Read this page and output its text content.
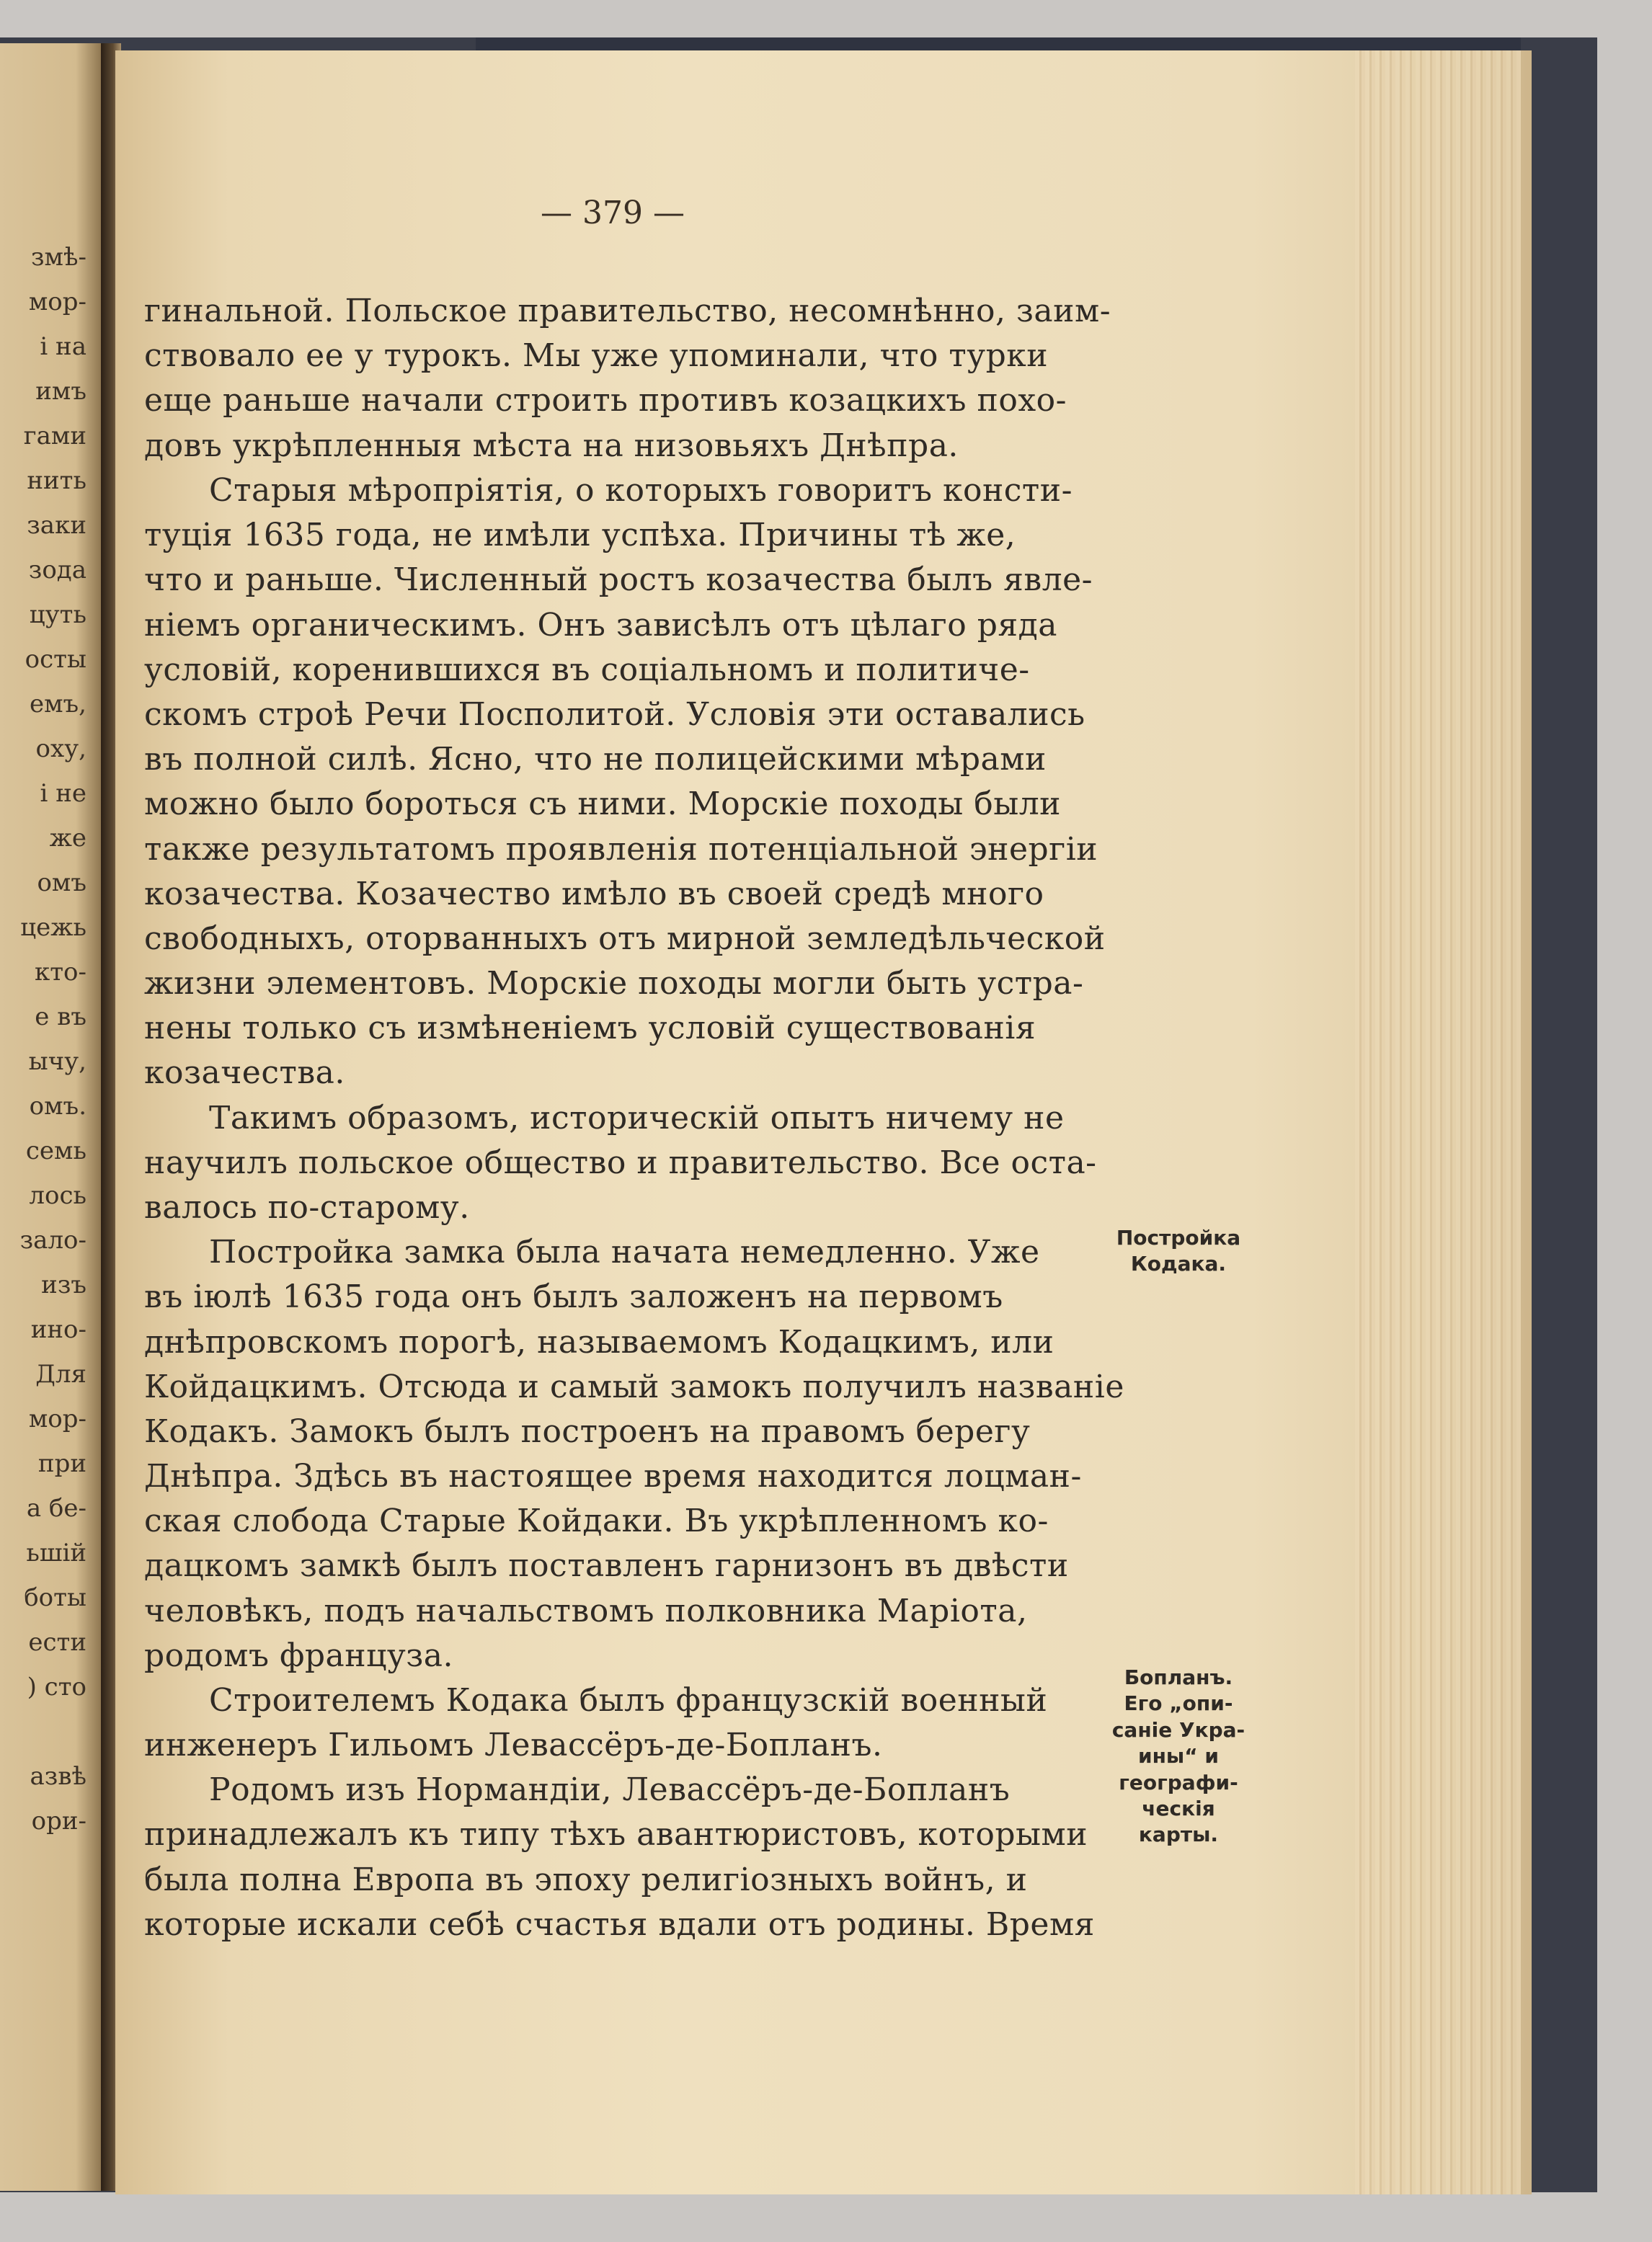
змѣ-
мор-
і на
имъ
гами
нить
заки
зода
цуть
осты
емъ,
оху,
і не
же
омъ
цежь
кто-
е въ
ычу,
омъ.
семь
лось
зало-
изъ
инo-
Для
мор-
при
а бе-
ьшій
боты
ести
) сто
азвѣ
ори-
— 379 —
гинальной. Польское правительство, несомнѣнно, заим-
ствовало ее у турокъ. Мы уже упоминали, что турки
еще раньше начали строить противъ козацкихъ похо-
довъ укрѣпленныя мѣста на низовьяхъ Днѣпра.
Старыя мѣропріятія, о которыхъ говоритъ консти-
туція 1635 года, не имѣли успѣха. Причины тѣ же,
что и раньше. Численный ростъ козачества былъ явле-
ніемъ органическимъ. Онъ зависѣлъ отъ цѣлаго ряда
условій, коренившихся въ соціальномъ и политиче-
скомъ строѣ Речи Посполитой. Условія эти оставались
въ полной силѣ. Ясно, что не полицейскими мѣрами
можно было бороться съ ними. Морскіе походы были
также результатомъ проявленія потенціальной энергіи
козачества. Козачество имѣло въ своей средѣ много
свободныхъ, оторванныхъ отъ мирной земледѣльческой
жизни элементовъ. Морскіе походы могли быть устра-
нены только съ измѣненіемъ условій существованія
козачества.
Такимъ образомъ, историческій опытъ ничему не
научилъ польское общество и правительство. Все оста-
валось по-старому.
Постройка замка была начата немедленно. Уже
въ іюлѣ 1635 года онъ былъ заложенъ на первомъ
днѣпровскомъ порогѣ, называемомъ Кодацкимъ, или
Койдацкимъ. Отсюда и самый замокъ получилъ названіе
Кодакъ. Замокъ былъ построенъ на правомъ берегу
Днѣпра. Здѣсь въ настоящее время находится лоцман-
ская слобода Старые Койдаки. Въ укрѣпленномъ ко-
дацкомъ замкѣ былъ поставленъ гарнизонъ въ двѣсти
человѣкъ, подъ начальствомъ полковника Маріота,
родомъ француза.
Строителемъ Кодака былъ французскій военный
инженеръ Гильомъ Левассёръ-де-Бопланъ.
Родомъ изъ Нормандіи, Левассёръ-де-Бопланъ
принадлежалъ къ типу тѣхъ авантюристовъ, которыми
была полна Европа въ эпоху религіозныхъ войнъ, и
которые искали себѣ счастья вдали отъ родины. Время
Постройка
Кодака.
Бопланъ.
Его „опи-
саніе Укра-
ины“ и
географи-
ческія
карты.
